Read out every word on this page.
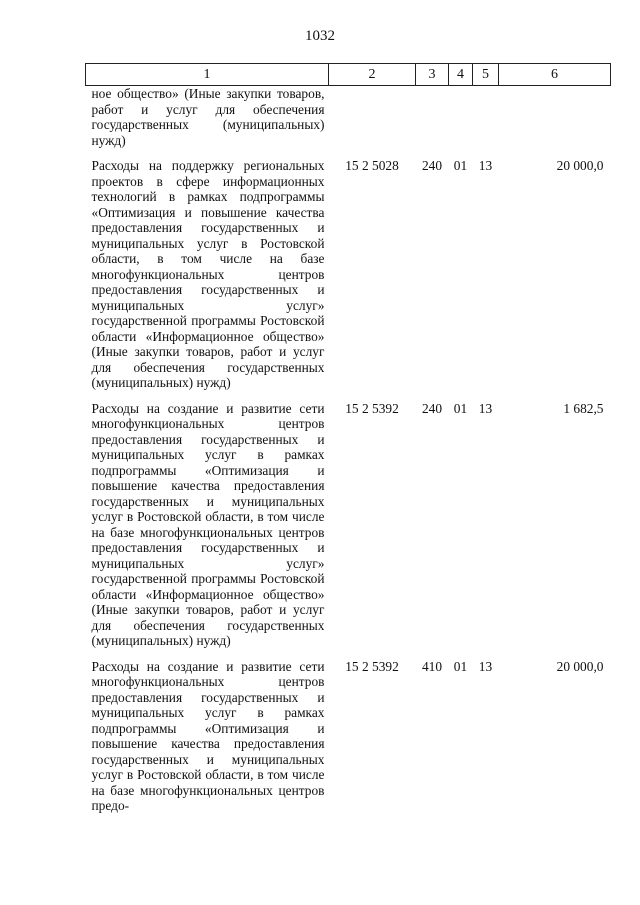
1032
1	2	3	4	5	6
ное общество» (Иные закупки товаров, работ и услуг для обеспечения государственных (муниципальных) нужд)					
Расходы на поддержку региональных проектов в сфере информационных технологий в рамках подпрограммы «Оптимизация и повышение качества предоставления государственных и муниципальных услуг в Ростовской области, в том числе на базе многофункциональных центров предоставления государственных и муниципальных услуг» государственной программы Ростовской области «Информационное общество» (Иные закупки товаров, работ и услуг для обеспечения государственных (муниципальных) нужд)	15 2 5028	240	01	13	20 000,0
Расходы на создание и развитие сети многофункциональных центров предоставления государственных и муниципальных услуг в рамках подпрограммы «Оптимизация и повышение качества предоставления государственных и муниципальных услуг в Ростовской области, в том числе на базе многофункциональных центров предоставления государственных и муниципальных услуг» государственной программы Ростовской области «Информационное общество» (Иные закупки товаров, работ и услуг для обеспечения государственных (муниципальных) нужд)	15 2 5392	240	01	13	1 682,5
Расходы на создание и развитие сети многофункциональных центров предоставления государственных и муниципальных услуг в рамках подпрограммы «Оптимизация и повышение качества предоставления государственных и муниципальных услуг в Ростовской области, в том числе на базе многофункциональных центров предо-	15 2 5392	410	01	13	20 000,0
